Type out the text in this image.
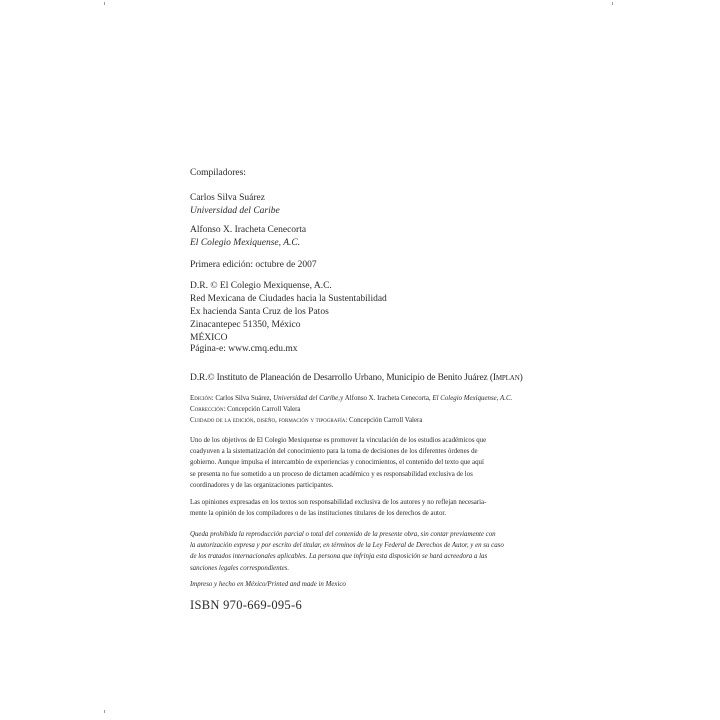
Compiladores:

Carlos Silva Suárez

Universidad del Caribe

Alfonso X. Iracheta Cenecorta

El Colegio Mexiquense, A.C.

Primera edición: octubre de 2007

D.R. © El Colegio Mexiquense, A.C.

Red Mexicana de Ciudades hacia la Sustentabilidad

Ex hacienda Santa Cruz de los Patos

Zinacantepec 51350, México

MÉXICO

Página-e: www.cmq.edu.mx

D.R.© Instituto de Planeación de Desarrollo Urbano, Municipio de Benito Juárez (Implan)

Edición: Carlos Silva Suárez, Universidad del Caribe,y Alfonso X. Iracheta Cenecorta, El Colegio Mexiquense, A.C.

Corrección: Concepción Carroll Valera

Cuidado de la edición, diseño, formación y tipografía: Concepción Carroll Valera

Uno de los objetivos de El Colegio Mexiquense es promover la vinculación de los estudios académicos que

coadyuven a la sistematización del conocimiento para la toma de decisiones de los diferentes órdenes de

gobierno. Aunque impulsa el intercambio de experiencias y conocimientos, el contenido del texto que aquí

se presenta no fue sometido a un proceso de dictamen académico y es responsabilidad exclusiva de los

coordinadores y de las organizaciones participantes.

Las opiniones expresadas en los textos son responsabilidad exclusiva de los autores y no reflejan necesaria-

mente la opinión de los compiladores o de las instituciones titulares de los derechos de autor.

Queda prohibida la reproducción parcial o total del contenido de la presente obra, sin contar previamente con

la autorización expresa y por escrito del titular, en términos de la Ley Federal de Derechos de Autor, y en su caso

de los tratados internacionales aplicables. La persona que infrinja esta disposición se hará acreedora a las

sanciones legales correspondientes.

Impreso y hecho en México/Printed and made in Mexico

ISBN 970-669-095-6
